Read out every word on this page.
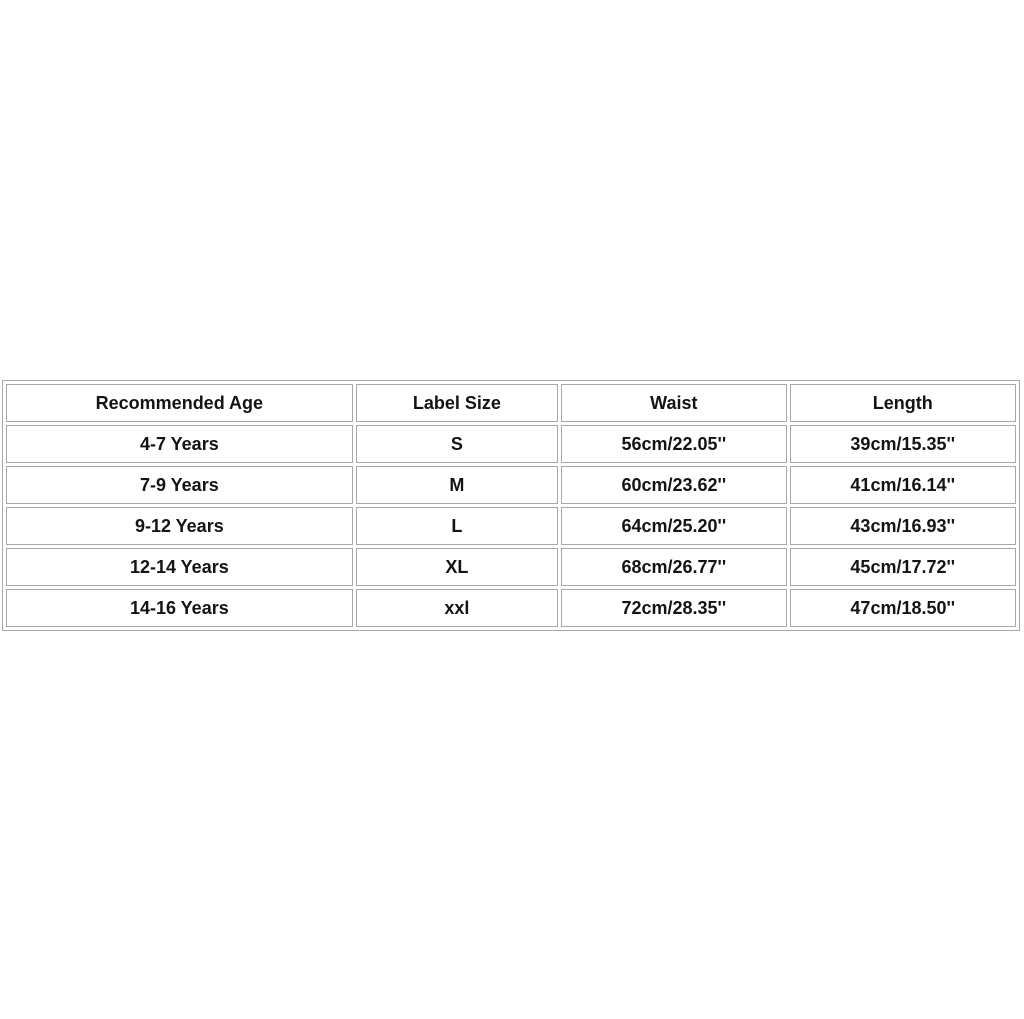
Recommended Age	Label Size	Waist	Length
4-7 Years	S	56cm/22.05''	39cm/15.35''
7-9 Years	M	60cm/23.62''	41cm/16.14''
9-12 Years	L	64cm/25.20''	43cm/16.93''
12-14 Years	XL	68cm/26.77''	45cm/17.72''
14-16 Years	xxl	72cm/28.35''	47cm/18.50''
